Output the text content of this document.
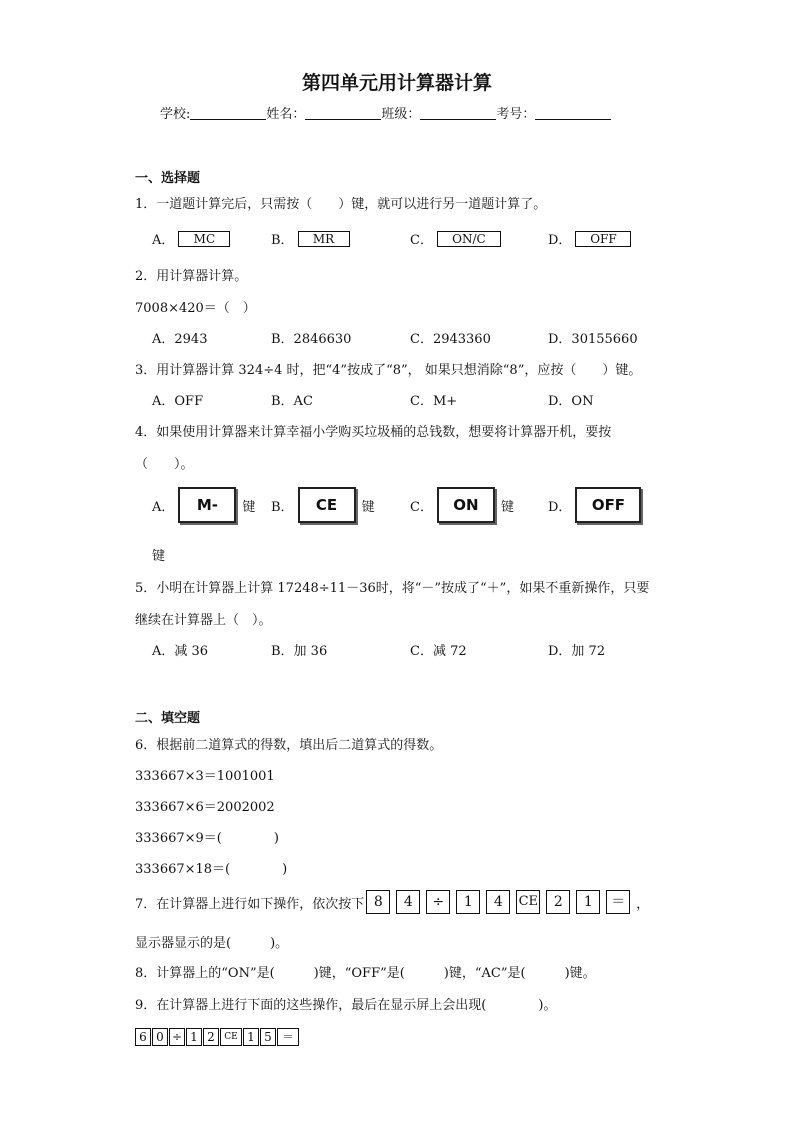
第四单元用计算器计算
学校:	姓名：	班级：	考号：
一、选择题
1．一道题计算完后，只需按（　　）键，就可以进行另一道题计算了。
A． MC	B． MR	C． ON/C	D． OFF
2．用计算器计算。
7008×420＝（　）
A．2943	B．2846630	C．2943360	D．30155660
3．用计算器计算 324÷4 时，把“4”按成了“8”， 如果只想消除“8”，应按（　　）键。
A．OFF	B．AC	C．M+	D．ON
4．如果使用计算器来计算幸福小学购买垃圾桶的总钱数，想要将计算器开机，要按
（　　）。
A．	M-	键 B．	CE	键	C．	ON	键	D．	OFF
键
5．小明在计算器上计算 17248÷11－36时，将“－”按成了“＋”，如果不重新操作，只要
继续在计算器上（　）。
A．减 36	B．加 36	C．减 72	D．加 72
二、填空题
6．根据前二道算式的得数，填出后二道算式的得数。
333667×3＝1001001
333667×6＝2002002
333667×9＝(　　　　)
333667×18＝(　　　　)
7．在计算器上进行如下操作，依次按下 8	4	÷	1	4	CE	2	1	＝ ，
显示器显示的是(　　　)。
8．计算器上的“ON”是(　　　)键，“OFF”是(　　　)键，“AC”是(　　　)键。
9．在计算器上进行下面的这些操作，最后在显示屏上会出现(　　　　)。
6 0 ÷ 1 2	CE 1 5 ＝
